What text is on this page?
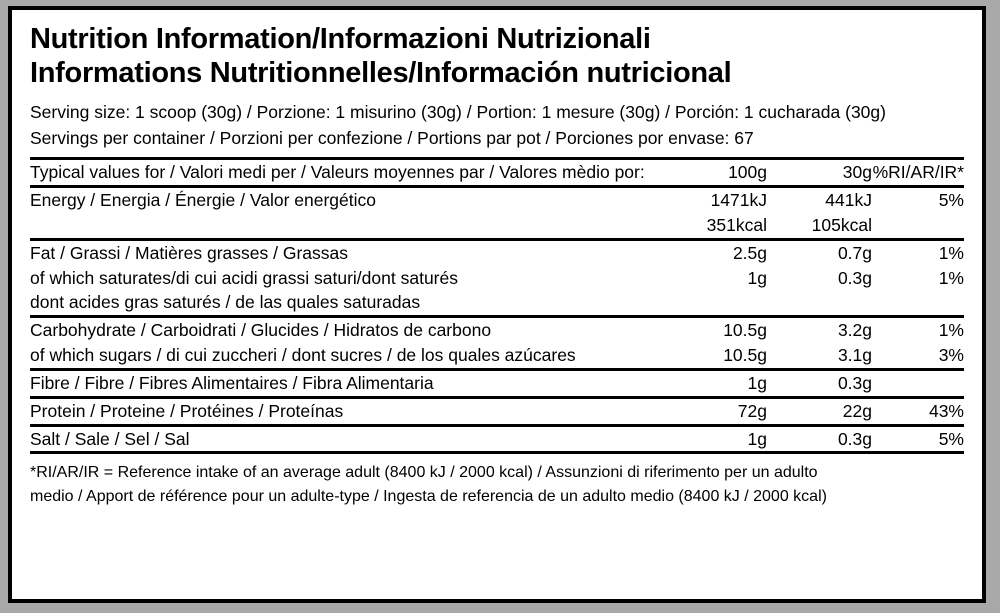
Nutrition Information/Informazioni Nutrizionali
Informations Nutritionnelles/Información nutricional
Serving size: 1 scoop (30g) / Porzione: 1 misurino (30g) / Portion: 1 mesure (30g) / Porción: 1 cucharada (30g)
Servings per container / Porzioni per confezione / Portions par pot / Porciones por envase: 67
Typical values for / Valori medi per / Valeurs moyennes par / Valores mèdio por:	100g	30g	%RI/AR/IR*
Energy / Energia / Énergie / Valor energético	1471kJ	441kJ	5%
	351kcal	105kcal	
Fat / Grassi / Matières grasses / Grassas	2.5g	0.7g	1%
of which saturates/di cui acidi grassi saturi/dont saturés	1g	0.3g	1%
dont acides gras saturés / de las quales saturadas			
Carbohydrate / Carboidrati / Glucides / Hidratos de carbono	10.5g	3.2g	1%
of which sugars / di cui zuccheri / dont sucres / de los quales azúcares	10.5g	3.1g	3%
Fibre / Fibre / Fibres Alimentaires / Fibra Alimentaria	1g	0.3g	
Protein / Proteine / Protéines / Proteínas	72g	22g	43%
Salt / Sale / Sel / Sal	1g	0.3g	5%
*RI/AR/IR = Reference intake of an average adult (8400 kJ / 2000 kcal) / Assunzioni di riferimento per un adulto
medio / Apport de référence pour un adulte-type / Ingesta de referencia de un adulto medio (8400 kJ / 2000 kcal)
